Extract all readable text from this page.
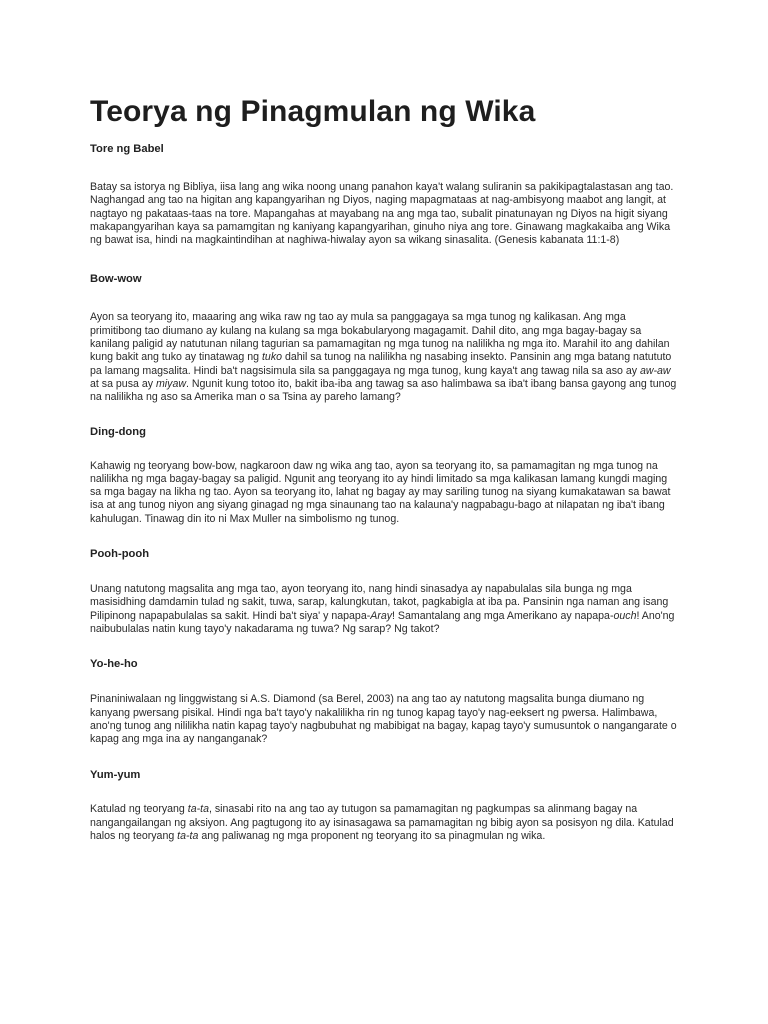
Teorya ng Pinagmulan ng Wika
Tore ng Babel

Batay sa istorya ng Bibliya, iisa lang ang wika noong unang panahon kaya't walang suliranin sa pakikipagtalastasan ang tao. Naghangad ang tao na higitan ang kapangyarihan ng Diyos, naging mapagmataas at nag-ambisyong maabot ang langit, at nagtayo ng pakataas-taas na tore. Mapangahas at mayabang na ang mga tao, subalit pinatunayan ng Diyos na higit siyang makapangyarihan kaya sa pamamgitan ng kaniyang kapangyarihan, ginuho niya ang tore. Ginawang magkakaiba ang Wika ng bawat isa, hindi na magkaintindihan at naghiwa-hiwalay ayon sa wikang sinasalita. (Genesis kabanata 11:1-8)

Bow-wow

Ayon sa teoryang ito, maaaring ang wika raw ng tao ay mula sa panggagaya sa mga tunog ng kalikasan. Ang mga primitibong tao diumano ay kulang na kulang sa mga bokabularyong magagamit. Dahil dito, ang mga bagay-bagay sa kanilang paligid ay natutunan nilang tagurian sa pamamagitan ng mga tunog na nalilikha ng mga ito. Marahil ito ang dahilan kung bakit ang tuko ay tinatawag ng tuko dahil sa tunog na nalilikha ng nasabing insekto. Pansinin ang mga batang natututo pa lamang magsalita. Hindi ba't nagsisimula sila sa panggagaya ng mga tunog, kung kaya't ang tawag nila sa aso ay aw-aw at sa pusa ay miyaw. Ngunit kung totoo ito, bakit iba-iba ang tawag sa aso halimbawa sa iba't ibang bansa gayong ang tunog na nalilikha ng aso sa Amerika man o sa Tsina ay pareho lamang?

Ding-dong

Kahawig ng teoryang bow-bow, nagkaroon daw ng wika ang tao, ayon sa teoryang ito, sa pamamagitan ng mga tunog na nalilikha ng mga bagay-bagay sa paligid. Ngunit ang teoryang ito ay hindi limitado sa mga kalikasan lamang kungdi maging sa mga bagay na likha ng tao. Ayon sa teoryang ito, lahat ng bagay ay may sariling tunog na siyang kumakatawan sa bawat isa at ang tunog niyon ang siyang ginagad ng mga sinaunang tao na kalauna'y nagpabagu-bago at nilapatan ng iba't ibang kahulugan. Tinawag din ito ni Max Muller na simbolismo ng tunog.

Pooh-pooh

Unang natutong magsalita ang mga tao, ayon teoryang ito, nang hindi sinasadya ay napabulalas sila bunga ng mga masisidhing damdamin tulad ng sakit, tuwa, sarap, kalungkutan, takot, pagkabigla at iba pa. Pansinin nga naman ang isang Pilipinong napapabulalas sa sakit. Hindi ba't siya' y napapa-Aray! Samantalang ang mga Amerikano ay napapa-ouch! Ano'ng naibubulalas natin kung tayo'y nakadarama ng tuwa? Ng sarap? Ng takot?

Yo-he-ho

Pinaniniwalaan ng linggwistang si A.S. Diamond (sa Berel, 2003) na ang tao ay natutong magsalita bunga diumano ng kanyang pwersang pisikal. Hindi nga ba't tayo'y nakalilikha rin ng tunog kapag tayo'y nag-eeksert ng pwersa. Halimbawa, ano'ng tunog ang nililikha natin kapag tayo'y nagbubuhat ng mabibigat na bagay, kapag tayo'y sumusuntok o nangangarate o kapag ang mga ina ay nanganganak?

Yum-yum

Katulad ng teoryang ta-ta, sinasabi rito na ang tao ay tutugon sa pamamagitan ng pagkumpas sa alinmang bagay na nangangailangan ng aksiyon. Ang pagtugong ito ay isinasagawa sa pamamagitan ng bibig ayon sa posisyon ng dila. Katulad halos ng teoryang ta-ta ang paliwanag ng mga proponent ng teoryang ito sa pinagmulan ng wika.
